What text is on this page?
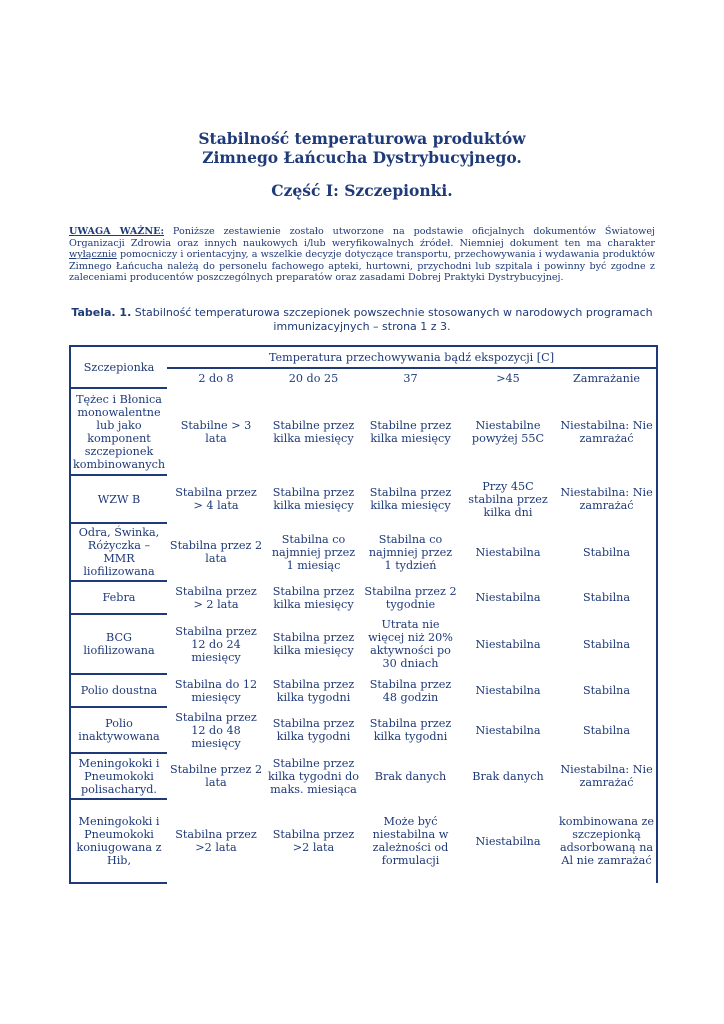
Stabilność temperaturowa produktów
Zimnego Łańcucha Dystrybucyjnego.
Część I: Szczepionki.
UWAGA WAŻNE: Poniższe zestawienie zostało utworzone na podstawie oficjalnych dokumentów Światowej Organizacji Zdrowia oraz innych naukowych i/lub weryfikowalnych źródeł. Niemniej dokument ten ma charakter wyłącznie pomocniczy i orientacyjny, a wszelkie decyzje dotyczące transportu, przechowywania i wydawania produktów Zimnego Łańcucha należą do personelu fachowego apteki, hurtowni, przychodni lub szpitala i powinny być zgodne z zaleceniami producentów poszczególnych preparatów oraz zasadami Dobrej Praktyki Dystrybucyjnej.
Tabela. 1. Stabilność temperaturowa szczepionek powszechnie stosowanych w narodowych programach immunizacyjnych – strona 1 z 3.
Szczepionka	Temperatura przechowywania bądź ekspozycji [C]				
	2 do 8	20 do 25	37	>45	Zamrażanie
Tężec i Błonica monowalentne lub jako komponent szczepionek kombinowanych	Stabilne > 3 lata	Stabilne przez kilka miesięcy	Stabilne przez kilka miesięcy	Niestabilne powyżej 55C	Niestabilna: Nie zamrażać
WZW B	Stabilna przez > 4 lata	Stabilna przez kilka miesięcy	Stabilna przez kilka miesięcy	Przy 45C stabilna przez kilka dni	Niestabilna: Nie zamrażać
Odra, Świnka, Różyczka – MMR liofilizowana	Stabilna przez 2 lata	Stabilna co najmniej przez 1 miesiąc	Stabilna co najmniej przez 1 tydzień	Niestabilna	Stabilna
Febra	Stabilna przez > 2 lata	Stabilna przez kilka miesięcy	Stabilna przez 2 tygodnie	Niestabilna	Stabilna
BCG liofilizowana	Stabilna przez 12 do 24 miesięcy	Stabilna przez kilka miesięcy	Utrata nie więcej niż 20% aktywności po 30 dniach	Niestabilna	Stabilna
Polio doustna	Stabilna do 12 miesięcy	Stabilna przez kilka tygodni	Stabilna przez 48 godzin	Niestabilna	Stabilna
Polio inaktywowana	Stabilna przez 12 do 48 miesięcy	Stabilna przez kilka tygodni	Stabilna przez kilka tygodni	Niestabilna	Stabilna
Meningokoki i Pneumokoki polisacharyd.	Stabilne przez 2 lata	Stabilne przez kilka tygodni do maks. miesiąca	Brak danych	Brak danych	Niestabilna: Nie zamrażać
Meningokoki i Pneumokoki koniugowana z Hib,	Stabilna przez >2 lata	Stabilna przez >2 lata	Może być niestabilna w zależności od formulacji	Niestabilna	kombinowana ze szczepionką adsorbowaną na Al nie zamrażać
